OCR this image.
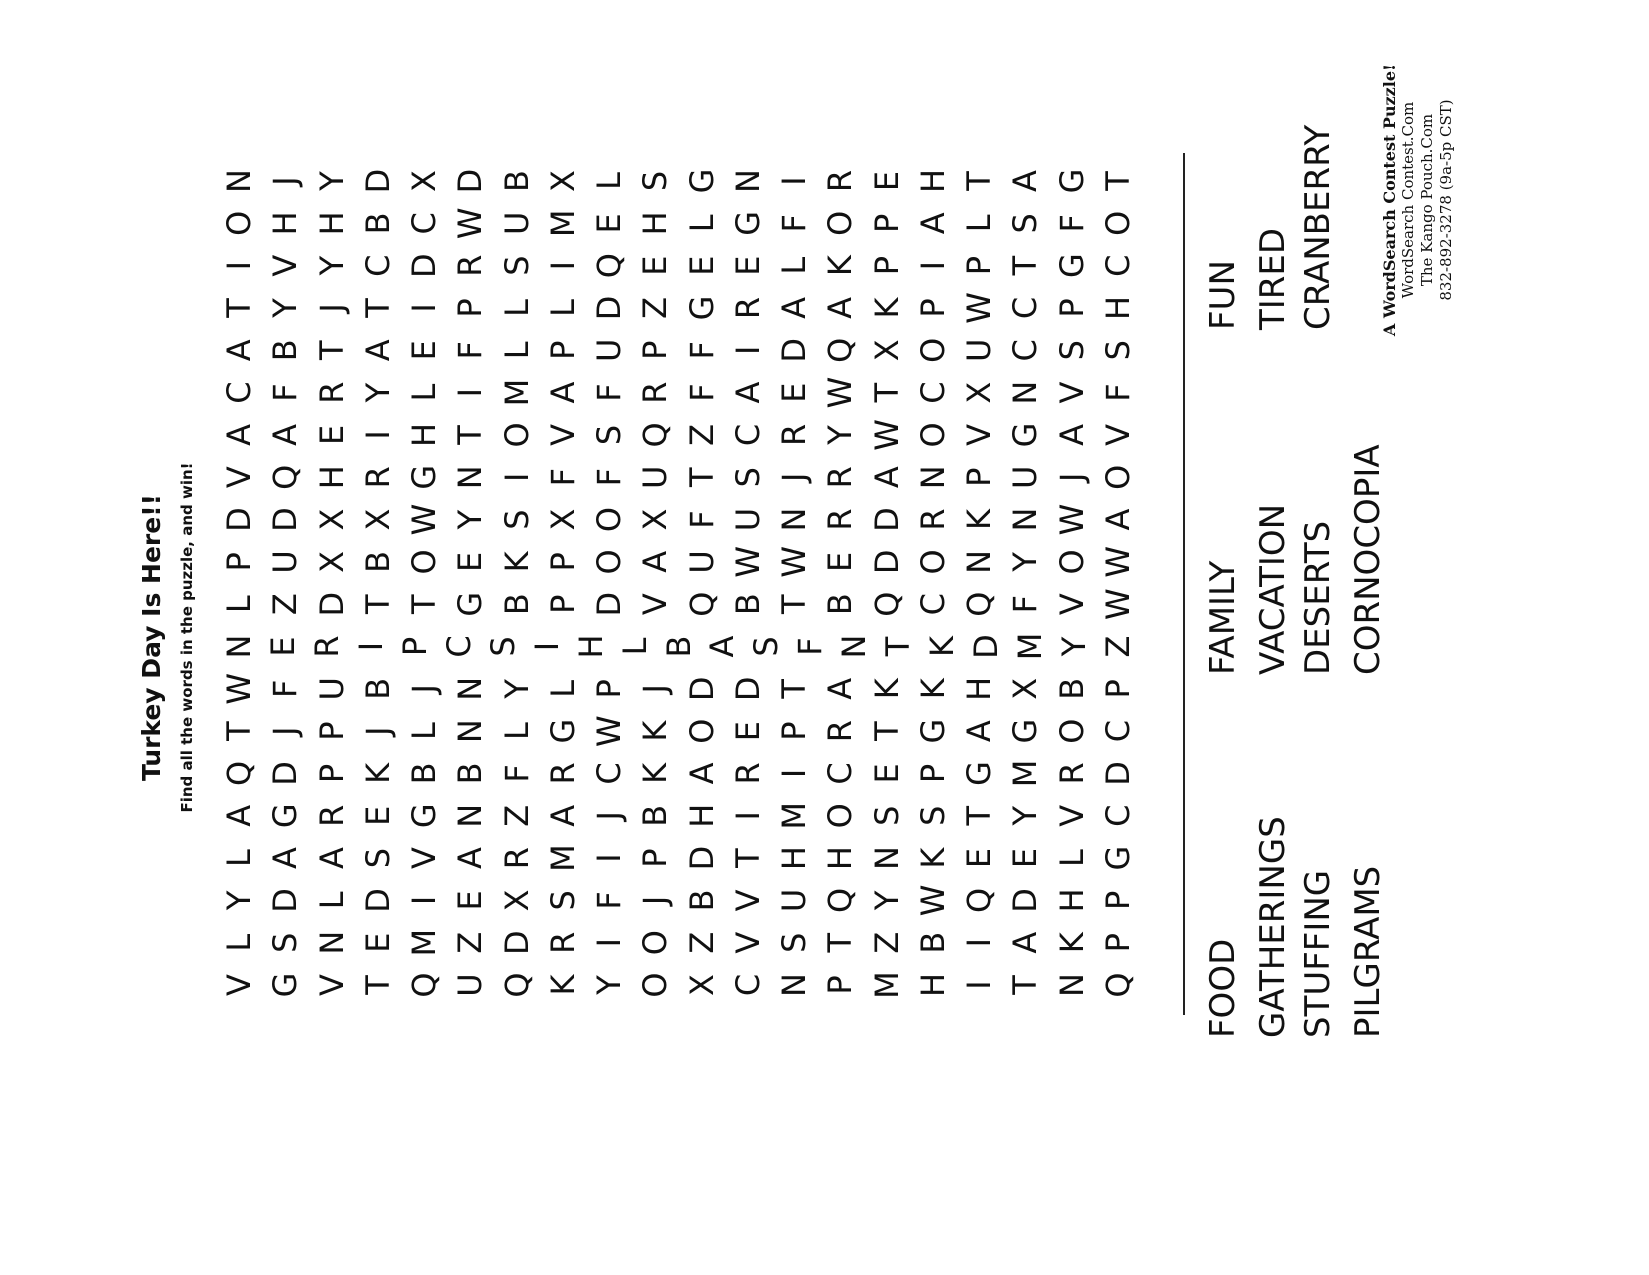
Turkey Day Is Here!! Find all the words in the puzzle, and win!
V G V T Q U Q K Y O X C N P M H I T N Q
L S N E M Z D R I O Z V S T Z B I A K P
Y D L D I E X S F J B V U Q Y W Q D H P
L A A S V A R M I P D T H H N K E E L G
A G R E G N Z A J B H I M O S S T Y V C
Q D P K B B F R C K A R I C E P G M R D
T J P J L N L G W K O E P R T G A G O C
W F U B J N Y L P J D D T A K K H X B P
N E R I P C S I H L B A S F N T K D M Y Z
L Z D T T G B P D V Q B T B Q C Q F V W
P U X B O E K P O A U W W E D O N Y O W
D D X X W Y S X O X F U N R D R K N W A
V Q H R G N I F F U T S J R A N P U J O
A A E I H T O V S Q Z C R Y W O V G A V
C F R Y L I M A F R F A E W T C X N V F
A B T A E F L P U P F I D Q X O U C S S
T Y J T I P L L D Z G R A A K P W C P H
I V Y C D R S I Q E E E L K P I P T G C
O H H B C W U M E H L G F O P A L S F O
N J Y D X D B X L S G N I R E H T A G T
FOOD GATHERINGS STUFFING PILGRAMS
FAMILY VACATION DESERTS CORNOCOPIA
FUN TIRED CRANBERRY	A WordSearch Contest Puzzle! WordSearch Contest.Com The Kango Pouch.Com 832-892-3278 (9a-5p CST)
